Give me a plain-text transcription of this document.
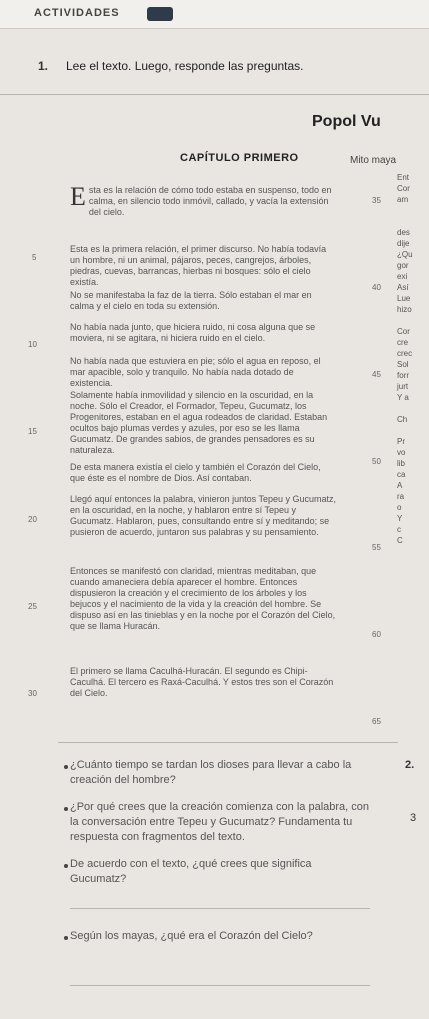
ACTIVIDADES
1. Lee el texto. Luego, responde las preguntas.
Popol Vu
CAPÍTULO PRIMERO	Mito maya
E sta es la relación de cómo todo estaba en suspenso, todo en calma, en silencio todo inmóvil, callado, y vacía la extensión del cielo.
Esta es la primera relación, el primer discurso. No había todavía un hombre, ni un animal, pájaros, peces, cangrejos, árboles, piedras, cuevas, barrancas, hierbas ni bosques: sólo el cielo existía.
No se manifestaba la faz de la tierra. Sólo estaban el mar en calma y el cielo en toda su extensión.
No había nada junto, que hiciera ruido, ni cosa alguna que se moviera, ni se agitara, ni hiciera ruido en el cielo.
No había nada que estuviera en pie; sólo el agua en reposo, el mar apacible, solo y tranquilo. No había nada dotado de existencia.
Solamente había inmovilidad y silencio en la oscuridad, en la noche. Sólo el Creador, el Formador, Tepeu, Gucumatz, los Progenitores, estaban en el agua rodeados de claridad. Estaban ocultos bajo plumas verdes y azules, por eso se les llama Gucumatz. De grandes sabios, de grandes pensadores es su naturaleza.
De esta manera existía el cielo y también el Corazón del Cielo, que éste es el nombre de Dios. Así contaban.
Llegó aquí entonces la palabra, vinieron juntos Tepeu y Gucumatz, en la oscuridad, en la noche, y hablaron entre sí Tepeu y Gucumatz. Hablaron, pues, consultando entre sí y meditando; se pusieron de acuerdo, juntaron sus palabras y su pensamiento.
Entonces se manifestó con claridad, mientras meditaban, que cuando amaneciera debía aparecer el hombre. Entonces dispusieron la creación y el crecimiento de los árboles y los bejucos y el nacimiento de la vida y la creación del hombre. Se dispuso así en las tinieblas y en la noche por el Corazón del Cielo, que se llama Huracán.
El primero se llama Caculhá-Huracán. El segundo es Chipi-Caculhá. El tercero es Raxá-Caculhá. Y estos tres son el Corazón del Cielo.
5
10
15
20
25
30
35
40
45
50
55
60
65
Ent
Cor
am
des
dije
¿Qu
gor
exi
Así
Lue
hizo
Cor
cre
crec
Sol
forr
jurt
Y a
Ch
Pr
vo
lib
ca
A
ra
o
Y
c
C
¿Cuánto tiempo se tardan los dioses para llevar a cabo la creación del hombre?
¿Por qué crees que la creación comienza con la palabra, con la conversación entre Tepeu y Gucumatz? Fundamenta tu respuesta con fragmentos del texto.
De acuerdo con el texto, ¿qué crees que significa Gucumatz?
Según los mayas, ¿qué era el Corazón del Cielo?
2.
3
